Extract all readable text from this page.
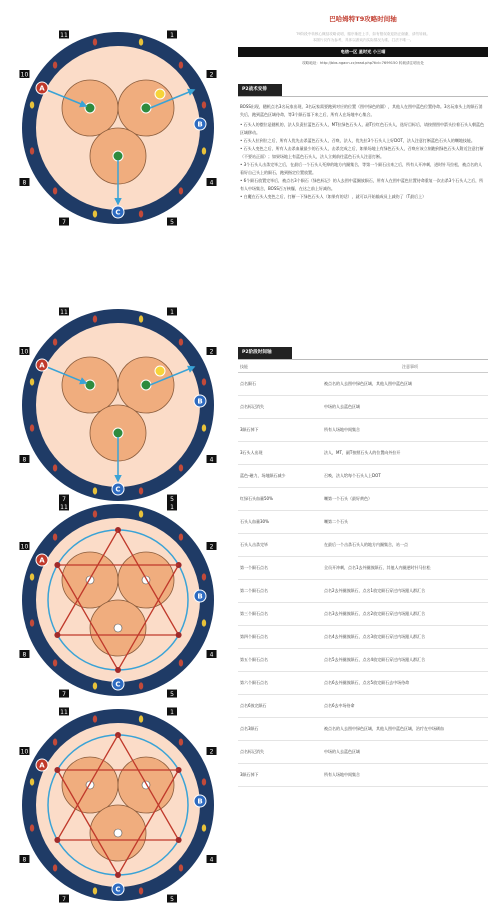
1
2
4
5
7
8
10
11
A
B
C
1
2
4
5
7
8
10
11
A
B
C
1
2
4
5
7
8
10
11
A
B
C
1
2
4
5
7
8
10
11
A
B
C
巴哈姆特T9攻略时间轴
T9阶段中转核心概括攻略说明，循序渐进上手，如有错误欢迎指正谢谢，请勿转载。
本图片仅作为参考，具体以游戏内实际情况为准，打法不唯一。
电信一区 星时光 小三喵
攻略地址：http://bbs.ngacn.cc/read.php?tid=7699150 转载请注明出处
P2战术安排
BOSS出现，随机点名3名玩家出现，3名玩家需要跑到对应的位置（图中绿色的圆），其他人在图中蓝色位置待命。3名玩家头上的陨石消失后，跑到蓝色区域待命，等3个陨石落下来之后，所有人在场地中心集合。
• 石头人的摆位是随机的，法人负责拉蓝色石头人，MT拉绿色石头人，副T拉红色石头人，选好目标后，请按照图中箭头拉着石头人朝蓝色区域移动。
• 石头人拉到位之后，所有人优先击杀蓝色石头人，召唤，法人，优先拉3个石头人上好DOT，法人注意打断蓝色石头人的嘲地技能。
• 石头人变色之后，所有人击杀血量最少的石头人，击杀完成之后，如果场地上有绿色石头人，召唤应该立刻跑到绿色石头人附近注意打断（不要站正面）；如果场地上有蓝色石头人，法人立刻前往蓝色石头人注意打断。
• 3个石头人击杀完毕之后，在最后一个石头人死掉的地方内圈集合，等第一个陨石出来之后，所有人开冲刺，进时针马拉松，被点名的人看好自己头上的陨石，跑到指定位置放置。
• 6个陨石放置完毕后，被点名3个陨石（绿色标记）的人去图中蓝圈放陨石，所有人在图中蓝色位置待命重复一次击杀3个石头人之后，所有人中场集合，BOSS百万核爆，在这之前上好减伤。
• 白魔在石头人变色之后，打断一下绿色石头人（如果有的话），就可以开始输成员上减伤了（T最后上）
P2阶段时间轴
技能	注意事项
点名陨石	被点名的人去图中绿色区域，其他人图中蓝色区域
点名标记消失	中场的人去蓝色区域
3陨石掉下	所有人场地中间集合
3石头人出现	法人，MT，副T按照石头人的位置向外拉开
蓝色-磁力，场地陨石减少	召唤，法人给每个石头人上DOT
红绿石头血量50%	嘲第一个石头（最好黄色）
石头人血量30%	嘲第二个石头
石头人击杀完毕	在最后一个击杀石头人的地方内圈集合，站一点
第一个陨石点名	全员开冲刺，点名1去外圈放陨石，其他人内圈逆时针马拉松
第二个陨石点名	点名2去外圈放陨石，点名1放完陨石穿过内场跟人群汇合
第三个陨石点名	点名3去外圈放陨石，点名2放完陨石穿过内场跟人群汇合
第四个陨石点名	点名4去外圈放陨石，点名3放完陨石穿过内场跟人群汇合
第五个陨石点名	点名5去外圈放陨石，点名4放完陨石穿过内场跟人群汇合
第六个陨石点名	点名6去外圈放陨石，点名5放完陨石去中场待命
点名6放完陨石	点名6去中场待命
点名3陨石	被点名的人去图中绿色区域，其他人图中蓝色区域，治疗在中场刷血
点名标记消失	中场的人去蓝色区域
3陨石掉下	所有人场地中间集合
